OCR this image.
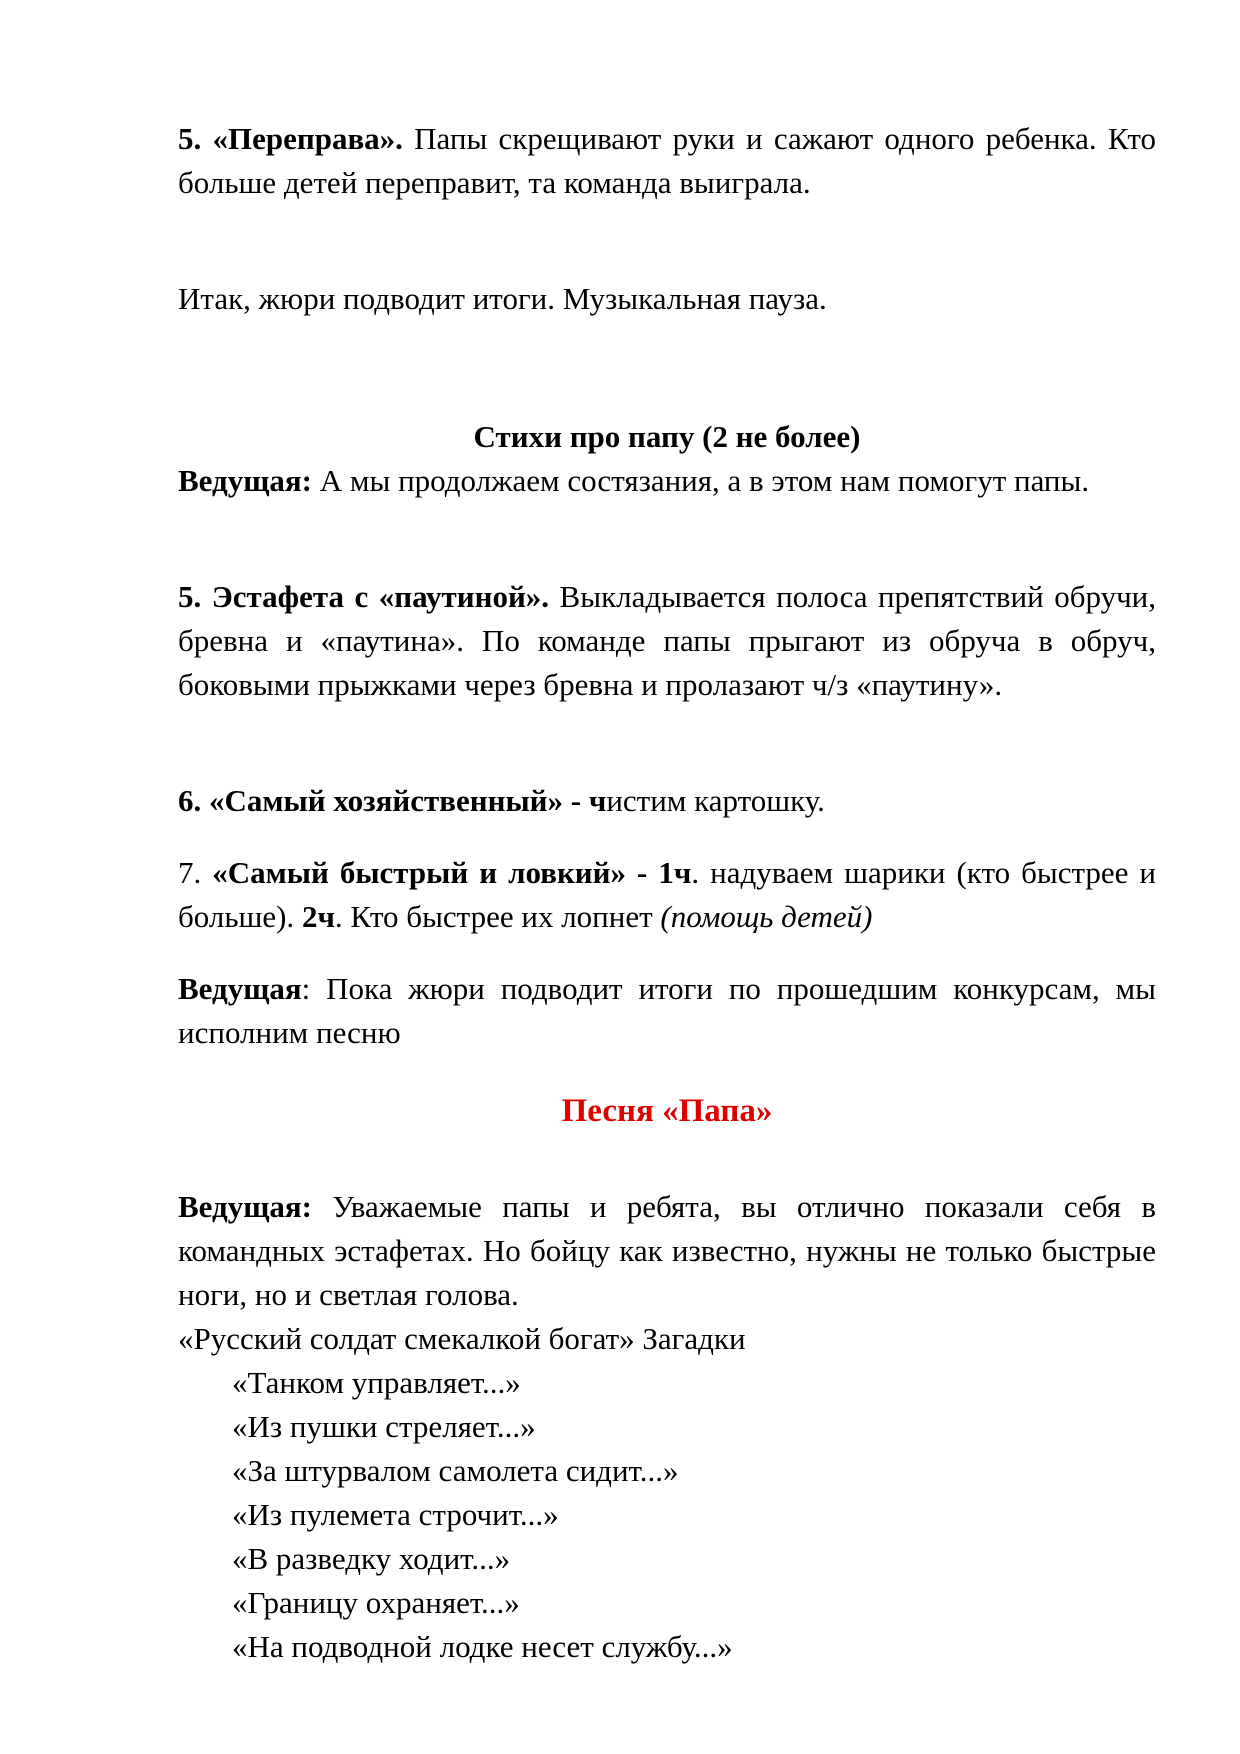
5. «Переправа». Папы скрещивают руки и сажают одного ребенка. Кто больше детей переправит, та команда выиграла.

Итак, жюри подводит итоги. Музыкальная пауза.

Стихи про папу (2 не более)

Ведущая: А мы продолжаем состязания, а в этом нам помогут папы.

5. Эстафета с «паутиной». Выкладывается полоса препятствий обручи, бревна и «паутина». По команде папы прыгают из обруча в обруч, боковыми прыжками через бревна и пролазают ч/з «паутину».

6. «Самый хозяйственный» - чистим картошку.

7. «Самый быстрый и ловкий» - 1ч. надуваем шарики (кто быстрее и больше). 2ч. Кто быстрее их лопнет (помощь детей)

Ведущая: Пока жюри подводит итоги по прошедшим конкурсам, мы исполним песню

Песня «Папа»

Ведущая: Уважаемые папы и ребята, вы отлично показали себя в командных эстафетах. Но бойцу как известно, нужны не только быстрые ноги, но и светлая голова.

«Русский солдат смекалкой богат» Загадки

«Танком управляет...»
«Из пушки стреляет...»
«За штурвалом самолета сидит...»
«Из пулемета строчит...»
«В разведку ходит...»
«Границу охраняет...»
«На подводной лодке несет службу...»
